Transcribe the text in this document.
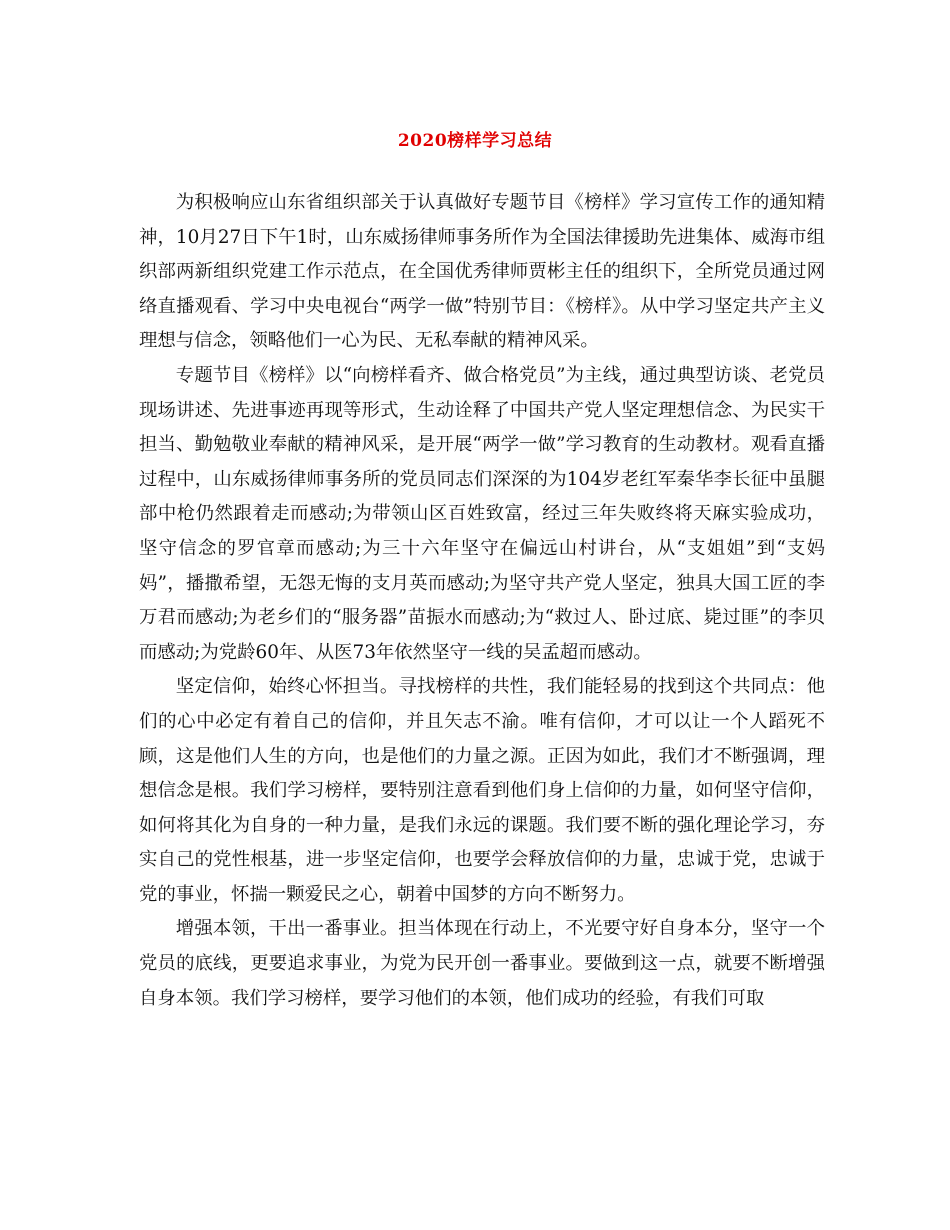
2020榜样学习总结

为积极响应山东省组织部关于认真做好专题节目《榜样》学习宣传工作的通知精神，10月27日下午1时，山东威扬律师事务所作为全国法律援助先进集体、威海市组织部两新组织党建工作示范点，在全国优秀律师贾彬主任的组织下，全所党员通过网络直播观看、学习中央电视台“两学一做”特别节目：《榜样》。从中学习坚定共产主义理想与信念，领略他们一心为民、无私奉献的精神风采。

专题节目《榜样》以“向榜样看齐、做合格党员”为主线，通过典型访谈、老党员现场讲述、先进事迹再现等形式，生动诠释了中国共产党人坚定理想信念、为民实干担当、勤勉敬业奉献的精神风采，是开展“两学一做”学习教育的生动教材。观看直播过程中，山东威扬律师事务所的党员同志们深深的为104岁老红军秦华李长征中虽腿部中枪仍然跟着走而感动;为带领山区百姓致富，经过三年失败终将天麻实验成功，坚守信念的罗官章而感动;为三十六年坚守在偏远山村讲台，从“支姐姐”到“支妈妈”，播撒希望，无怨无悔的支月英而感动;为坚守共产党人坚定，独具大国工匠的李万君而感动;为老乡们的“服务器”苗振水而感动;为“救过人、卧过底、毙过匪”的李贝而感动;为党龄60年、从医73年依然坚守一线的吴孟超而感动。

坚定信仰，始终心怀担当。寻找榜样的共性，我们能轻易的找到这个共同点：他们的心中必定有着自己的信仰，并且矢志不渝。唯有信仰，才可以让一个人蹈死不顾，这是他们人生的方向，也是他们的力量之源。正因为如此，我们才不断强调，理想信念是根。我们学习榜样，要特别注意看到他们身上信仰的力量，如何坚守信仰，如何将其化为自身的一种力量，是我们永远的课题。我们要不断的强化理论学习，夯实自己的党性根基，进一步坚定信仰，也要学会释放信仰的力量，忠诚于党，忠诚于党的事业，怀揣一颗爱民之心，朝着中国梦的方向不断努力。

增强本领，干出一番事业。担当体现在行动上，不光要守好自身本分，坚守一个党员的底线，更要追求事业，为党为民开创一番事业。要做到这一点，就要不断增强自身本领。我们学习榜样，要学习他们的本领，他们成功的经验，有我们可取
